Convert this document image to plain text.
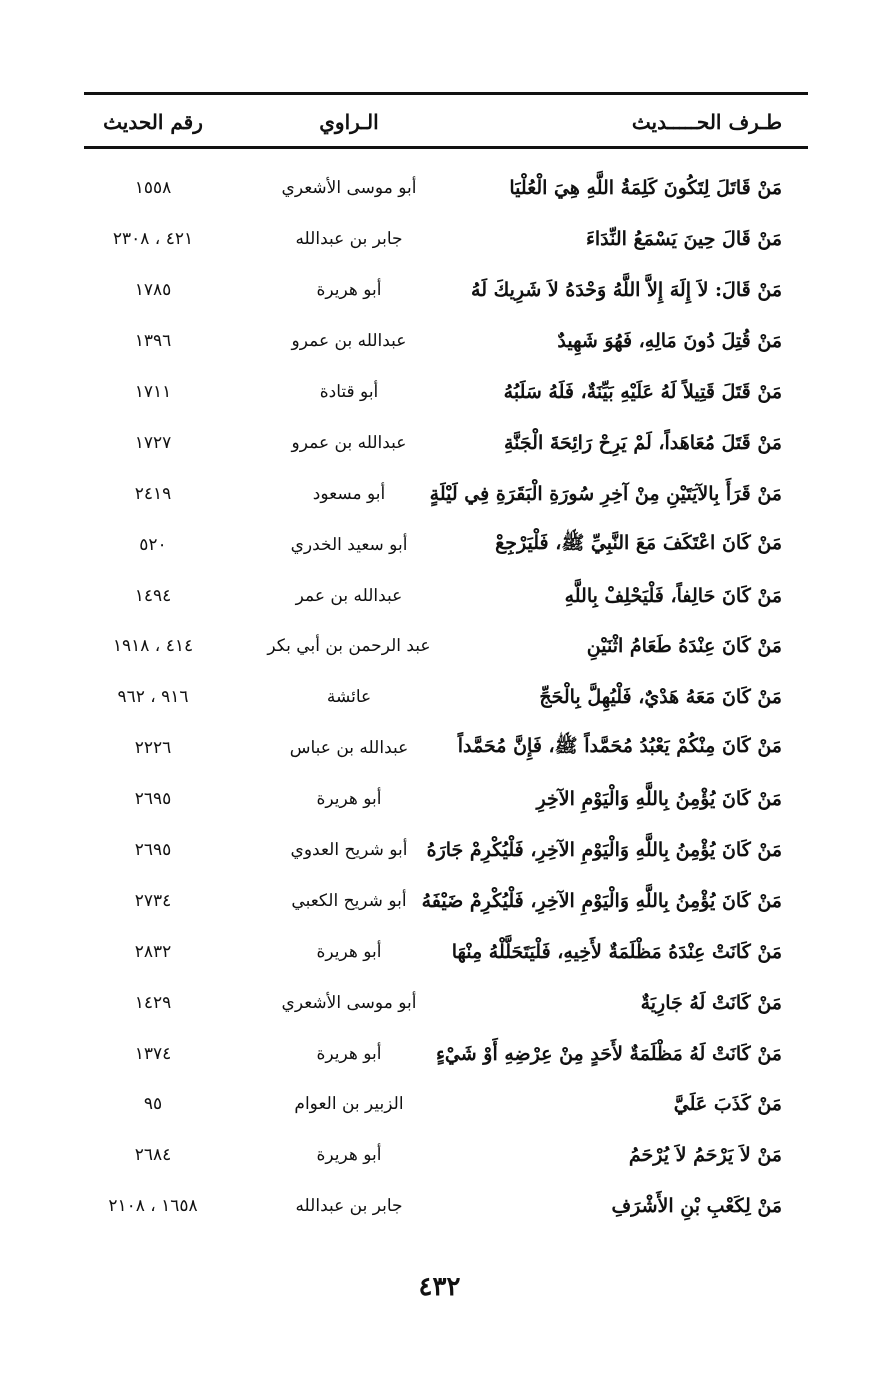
طـرف الحـــــديث
الـراوي
رقم الحديث
مَنْ قَاتَلَ لِتَكُونَ كَلِمَةُ اللَّهِ هِيَ الْعُلْيَا
أبو موسى الأشعري
١٥٥٨
مَنْ قَالَ حِينَ يَسْمَعُ النِّدَاءَ
جابر بن عبدالله
٤٢١ ، ٢٣٠٨
مَنْ قَالَ: لاَ إِلَهَ إِلاَّ اللَّهُ وَحْدَهُ لاَ شَرِيكَ لَهُ
أبو هريرة
١٧٨٥
مَنْ قُتِلَ دُونَ مَالِهِ، فَهُوَ شَهِيدٌ
عبدالله بن عمرو
١٣٩٦
مَنْ قَتَلَ قَتِيلاً لَهُ عَلَيْهِ بَيِّنَةٌ، فَلَهُ سَلَبُهُ
أبو قتادة
١٧١١
مَنْ قَتَلَ مُعَاهَداً، لَمْ يَرِحْ رَائِحَةَ الْجَنَّةِ
عبدالله بن عمرو
١٧٢٧
مَنْ قَرَأَ بِالآيَتَيْنِ مِنْ آخِرِ سُورَةِ الْبَقَرَةِ فِي لَيْلَةٍ
أبو مسعود
٢٤١٩
مَنْ كَانَ اعْتَكَفَ مَعَ النَّبِيِّ ﷺ، فَلْيَرْجِعْ
أبو سعيد الخدري
٥٢٠
مَنْ كَانَ حَالِفاً، فَلْيَحْلِفْ بِاللَّهِ
عبدالله بن عمر
١٤٩٤
مَنْ كَانَ عِنْدَهُ طَعَامُ اثْنَيْنِ
عبد الرحمن بن أبي بكر
٤١٤ ، ١٩١٨
مَنْ كَانَ مَعَهُ هَدْيٌ، فَلْيُهِلَّ بِالْحَجِّ
عائشة
٩١٦ ، ٩٦٢
مَنْ كَانَ مِنْكُمْ يَعْبُدُ مُحَمَّداً ﷺ، فَإِنَّ مُحَمَّداً
عبدالله بن عباس
٢٢٢٦
مَنْ كَانَ يُؤْمِنُ بِاللَّهِ وَالْيَوْمِ الآخِرِ
أبو هريرة
٢٦٩٥
مَنْ كَانَ يُؤْمِنُ بِاللَّهِ وَالْيَوْمِ الآخِرِ، فَلْيُكْرِمْ جَارَهُ
أبو شريح العدوي
٢٦٩٥
مَنْ كَانَ يُؤْمِنُ بِاللَّهِ وَالْيَوْمِ الآخِرِ، فَلْيُكْرِمْ ضَيْفَهُ
أبو شريح الكعبي
٢٧٣٤
مَنْ كَانَتْ عِنْدَهُ مَظْلَمَةٌ لأَخِيهِ، فَلْيَتَحَلَّلْهُ مِنْهَا
أبو هريرة
٢٨٣٢
مَنْ كَانَتْ لَهُ جَارِيَةٌ
أبو موسى الأشعري
١٤٢٩
مَنْ كَانَتْ لَهُ مَظْلَمَةٌ لأَحَدٍ مِنْ عِرْضِهِ أَوْ شَيْءٍ
أبو هريرة
١٣٧٤
مَنْ كَذَبَ عَلَيَّ
الزبير بن العوام
٩٥
مَنْ لاَ يَرْحَمُ لاَ يُرْحَمُ
أبو هريرة
٢٦٨٤
مَنْ لِكَعْبِ بْنِ الأَشْرَفِ
جابر بن عبدالله
١٦٥٨ ، ٢١٠٨
٤٣٢
